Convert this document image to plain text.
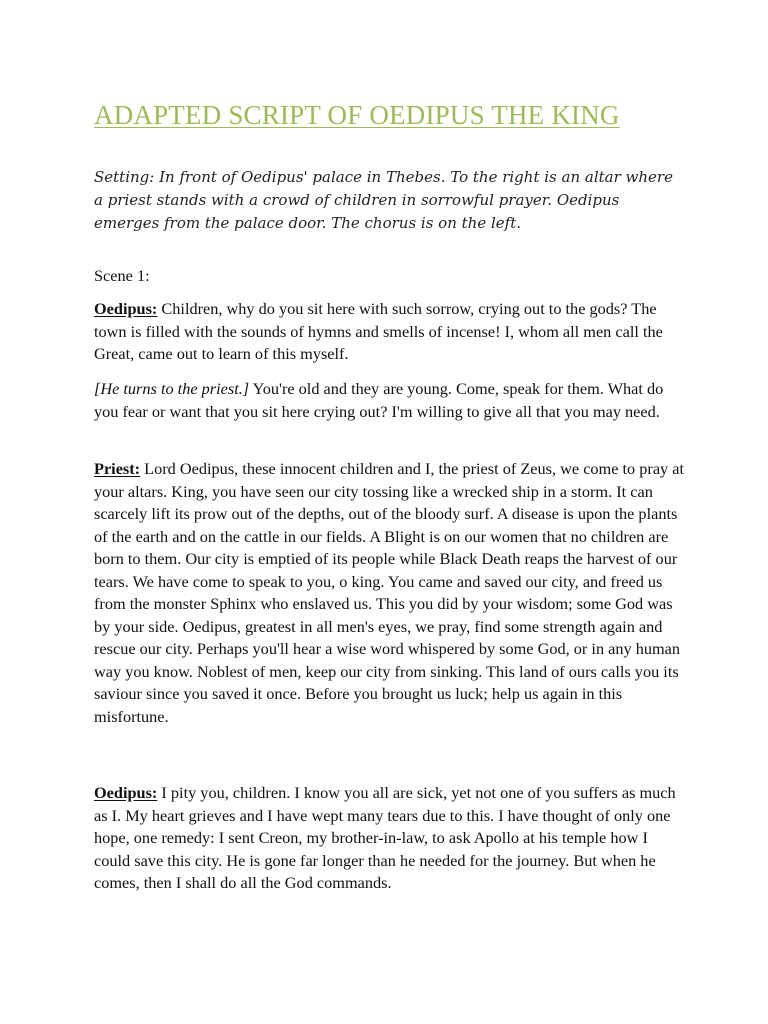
ADAPTED SCRIPT OF OEDIPUS THE KING

Setting: In front of Oedipus' palace in Thebes. To the right is an altar where a priest stands with a crowd of children in sorrowful prayer. Oedipus emerges from the palace door. The chorus is on the left.

Scene 1:

Oedipus: Children, why do you sit here with such sorrow, crying out to the gods? The town is filled with the sounds of hymns and smells of incense! I, whom all men call the Great, came out to learn of this myself.

[He turns to the priest.] You're old and they are young. Come, speak for them. What do you fear or want that you sit here crying out? I'm willing to give all that you may need.

Priest: Lord Oedipus, these innocent children and I, the priest of Zeus, we come to pray at your altars. King, you have seen our city tossing like a wrecked ship in a storm. It can scarcely lift its prow out of the depths, out of the bloody surf. A disease is upon the plants of the earth and on the cattle in our fields. A Blight is on our women that no children are born to them. Our city is emptied of its people while Black Death reaps the harvest of our tears. We have come to speak to you, o king. You came and saved our city, and freed us from the monster Sphinx who enslaved us. This you did by your wisdom; some God was by your side. Oedipus, greatest in all men's eyes, we pray, find some strength again and rescue our city. Perhaps you'll hear a wise word whispered by some God, or in any human way you know. Noblest of men, keep our city from sinking. This land of ours calls you its saviour since you saved it once. Before you brought us luck; help us again in this misfortune.

Oedipus: I pity you, children. I know you all are sick, yet not one of you suffers as much as I. My heart grieves and I have wept many tears due to this. I have thought of only one hope, one remedy: I sent Creon, my brother-in-law, to ask Apollo at his temple how I could save this city. He is gone far longer than he needed for the journey. But when he comes, then I shall do all the God commands.
